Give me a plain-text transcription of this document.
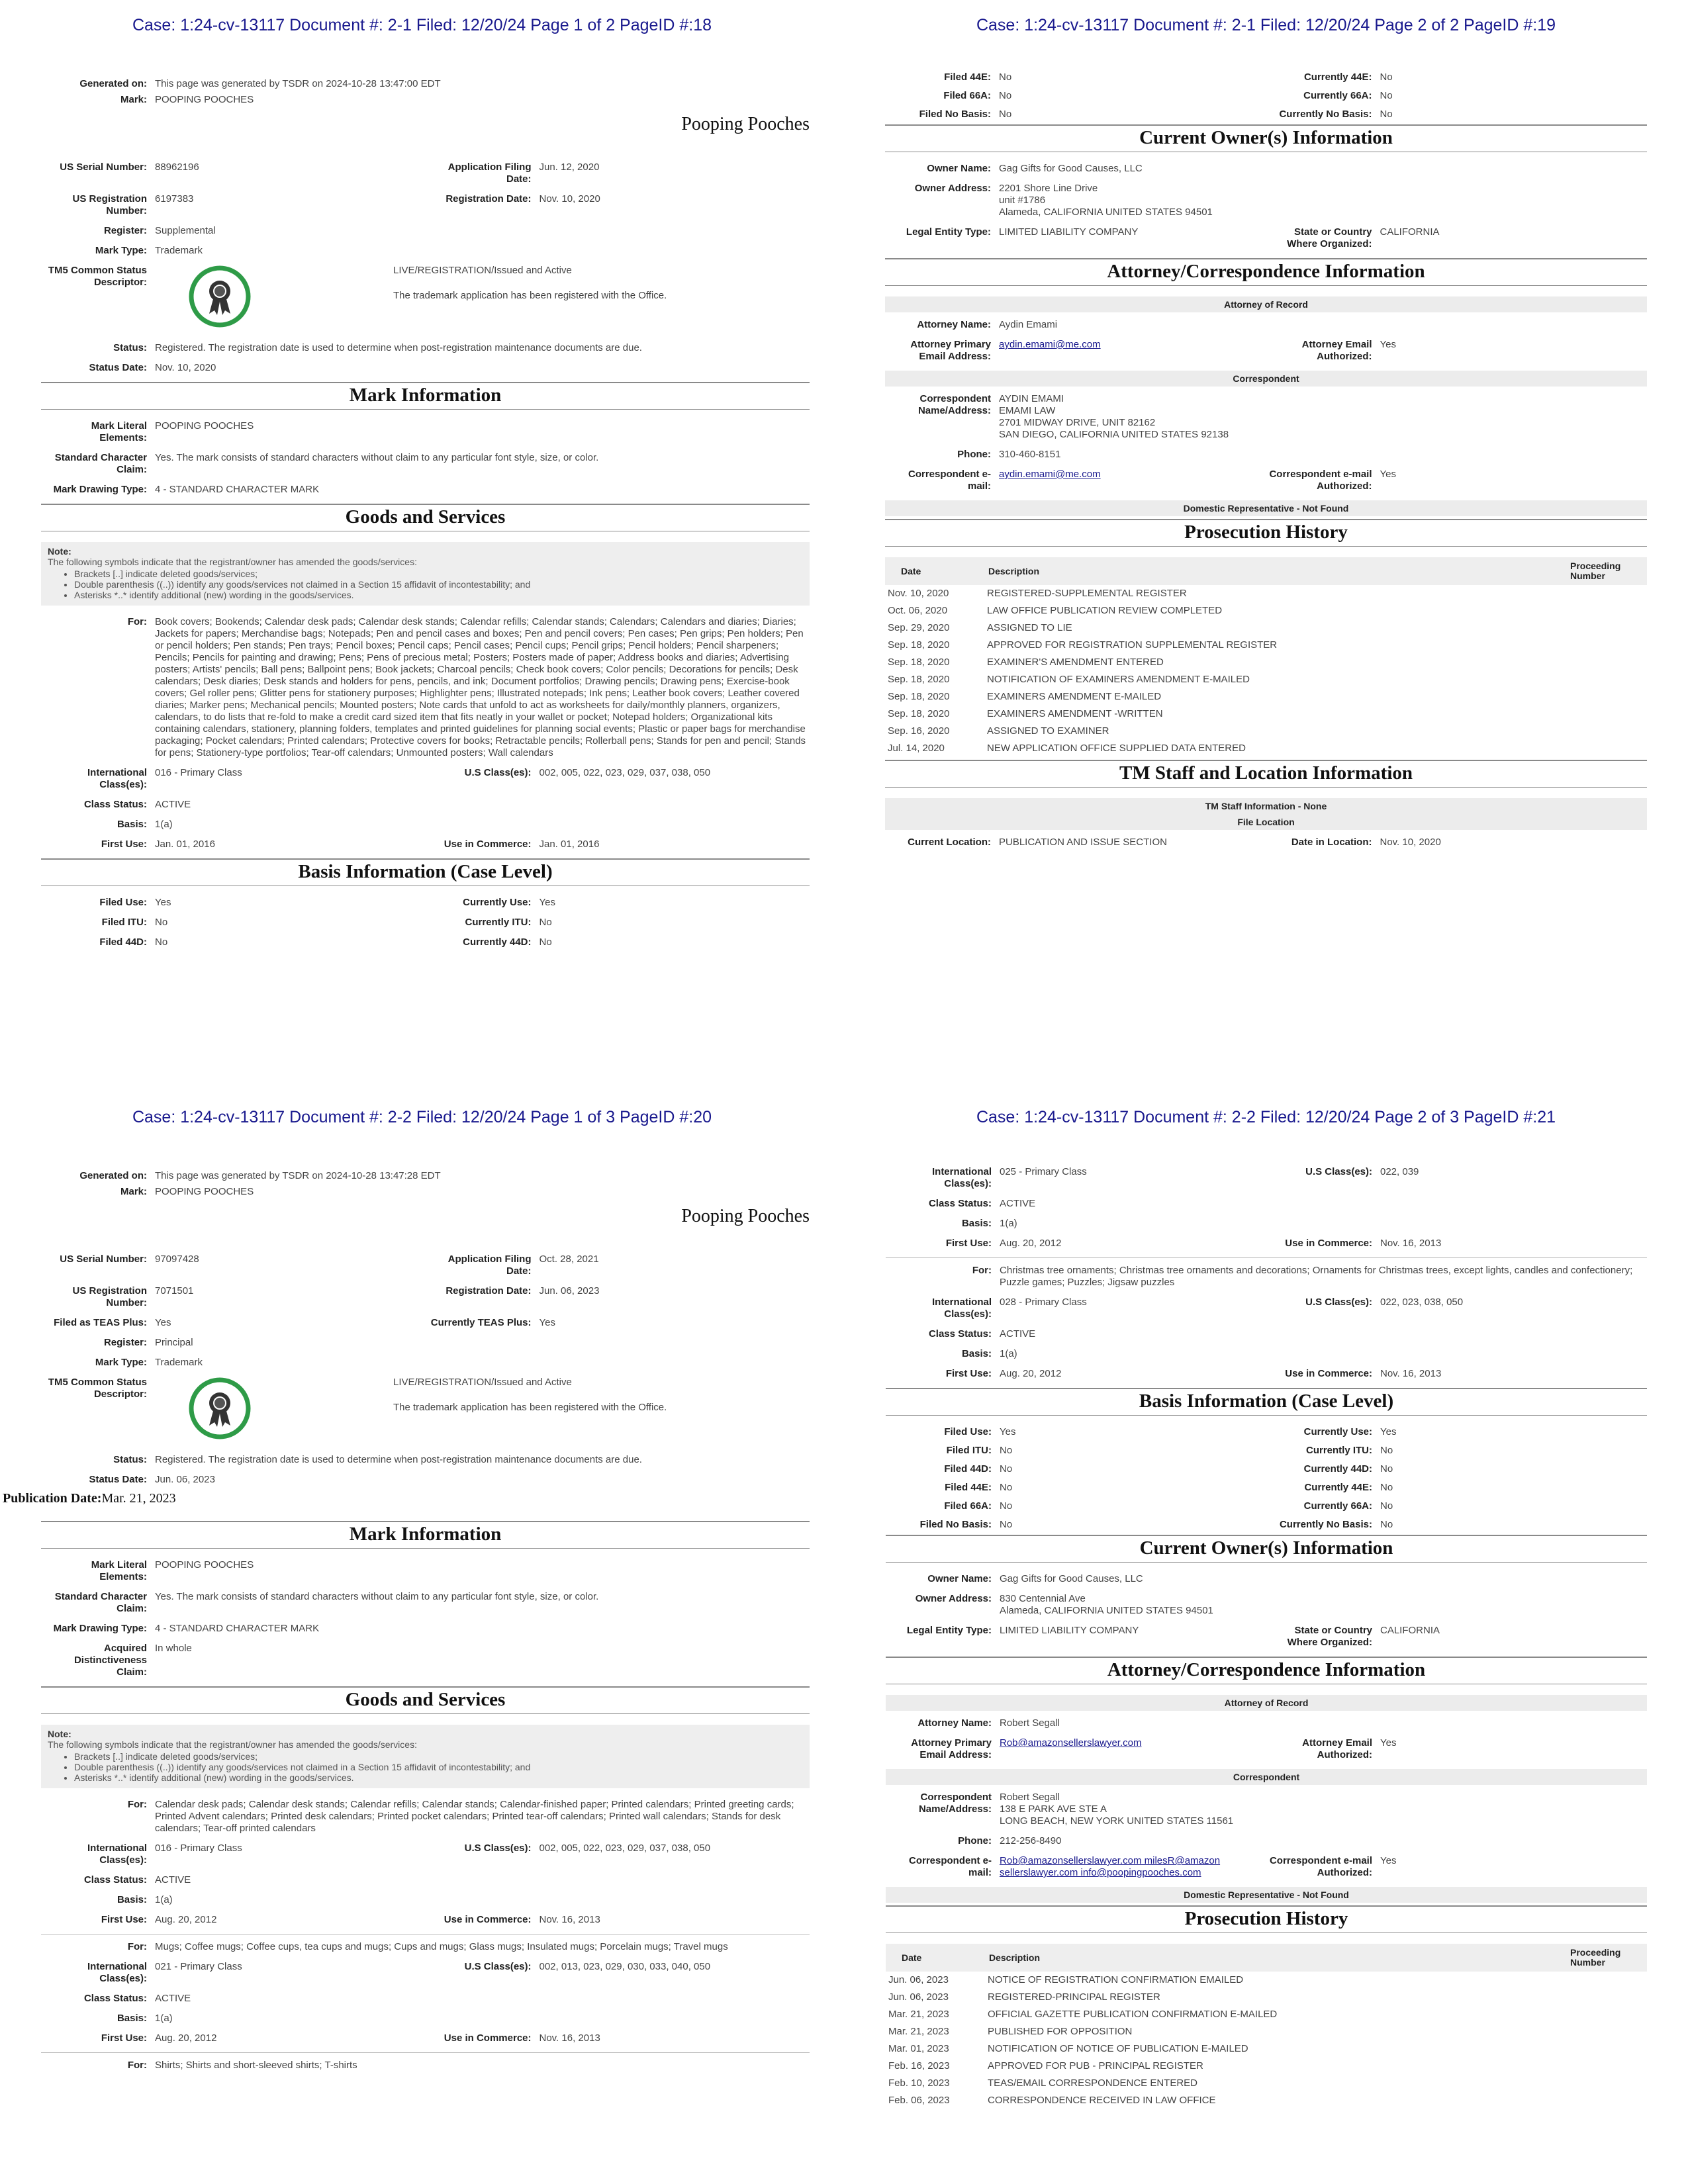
Case: 1:24-cv-13117 Document #: 2-1 Filed: 12/20/24 Page 1 of 2 PageID #:18
Generated on: This page was generated by TSDR on 2024-10-28 13:47:00 EDT
Mark: POOPING POOCHES
Pooping Pooches
US Serial Number: 88962196	Application Filing Date:
Jun. 12, 2020
US Registration Number:
6197383	Registration Date: Nov. 10, 2020
Register: Supplemental
Mark Type: Trademark
TM5 Common Status Descriptor:
LIVE/REGISTRATION/Issued and Active
The trademark application has been registered with the Office.
Status: Registered. The registration date is used to determine when post-registration maintenance documents are due.
Status Date: Nov. 10, 2020
Mark Information
Mark Literal Elements:
POOPING POOCHES
Standard Character Claim:
Yes. The mark consists of standard characters without claim to any particular font style, size, or color.
Mark Drawing Type: 4 - STANDARD CHARACTER MARK
Goods and Services
Note:
The following symbols indicate that the registrant/owner has amended the goods/services:
• Brackets [..] indicate deleted goods/services;
• Double parenthesis ((..)) identify any goods/services not claimed in a Section 15 affidavit of incontestability; and
• Asterisks *..* identify additional (new) wording in the goods/services.
For: Book covers; Bookends; Calendar desk pads; Calendar desk stands; Calendar refills; Calendar stands; Calendars; Calendars and diaries; Diaries; Jackets for papers; Merchandise bags; Notepads; Pen and pencil cases and boxes; Pen and pencil covers; Pen cases; Pen grips; Pen holders; Pen or pencil holders; Pen stands; Pen trays; Pencil boxes; Pencil caps; Pencil cases; Pencil cups; Pencil grips; Pencil holders; Pencil sharpeners; Pencils; Pencils for painting and drawing; Pens; Pens of precious metal; Posters; Posters made of paper; Address books and diaries; Advertising posters; Artists' pencils; Ball pens; Ballpoint pens; Book jackets; Charcoal pencils; Check book covers; Color pencils; Decorations for pencils; Desk calendars; Desk diaries; Desk stands and holders for pens, pencils, and ink; Document portfolios; Drawing pencils; Drawing pens; Exercise-book covers; Gel roller pens; Glitter pens for stationery purposes; Highlighter pens; Illustrated notepads; Ink pens; Leather book covers; Leather covered diaries; Marker pens; Mechanical pencils; Mounted posters; Note cards that unfold to act as worksheets for daily/monthly planners, organizers, calendars, to do lists that re-fold to make a credit card sized item that fits neatly in your wallet or pocket; Notepad holders; Organizational kits containing calendars, stationery, planning folders, templates and printed guidelines for planning social events; Plastic or paper bags for merchandise packaging; Pocket calendars; Printed calendars; Protective covers for books; Retractable pencils; Rollerball pens; Stands for pen and pencil; Stands for pens; Stationery-type portfolios; Tear-off calendars; Unmounted posters; Wall calendars
International Class(es):
016 - Primary Class	U.S Class(es): 002, 005, 022, 023, 029, 037, 038, 050
Class Status: ACTIVE
Basis: 1(a)
First Use: Jan. 01, 2016	Use in Commerce: Jan. 01, 2016
Basis Information (Case Level)
Filed Use: Yes	Currently Use: Yes
Filed ITU: No	Currently ITU: No
Filed 44D: No	Currently 44D: No
Case: 1:24-cv-13117 Document #: 2-1 Filed: 12/20/24 Page 2 of 2 PageID #:19
Filed 44E: No	Currently 44E: No
Filed 66A: No	Currently 66A: No
Filed No Basis: No	Currently No Basis: No
Current Owner(s) Information
Owner Name: Gag Gifts for Good Causes, LLC
Owner Address: 2201 Shore Line Drive
unit #1786
Alameda, CALIFORNIA UNITED STATES 94501
Legal Entity Type: LIMITED LIABILITY COMPANY	State or Country Where Organized:
CALIFORNIA
Attorney/Correspondence Information
Attorney of Record
Attorney Name: Aydin Emami
Attorney Primary Email Address:
aydin.emami@me.com	Attorney Email Authorized:
Yes
Correspondent
Correspondent Name/Address:
AYDIN EMAMI
EMAMI LAW
2701 MIDWAY DRIVE, UNIT 82162
SAN DIEGO, CALIFORNIA UNITED STATES 92138
Phone: 310-460-8151
Correspondent e-mail:
aydin.emami@me.com	Correspondent e-mail Authorized:
Yes
Domestic Representative - Not Found
Prosecution History
Date	Description	Proceeding Number
Nov. 10, 2020	REGISTERED-SUPPLEMENTAL REGISTER	
Oct. 06, 2020	LAW OFFICE PUBLICATION REVIEW COMPLETED	
Sep. 29, 2020	ASSIGNED TO LIE	
Sep. 18, 2020	APPROVED FOR REGISTRATION SUPPLEMENTAL REGISTER	
Sep. 18, 2020	EXAMINER'S AMENDMENT ENTERED	
Sep. 18, 2020	NOTIFICATION OF EXAMINERS AMENDMENT E-MAILED	
Sep. 18, 2020	EXAMINERS AMENDMENT E-MAILED	
Sep. 18, 2020	EXAMINERS AMENDMENT -WRITTEN	
Sep. 16, 2020	ASSIGNED TO EXAMINER	
Jul. 14, 2020	NEW APPLICATION OFFICE SUPPLIED DATA ENTERED	
TM Staff and Location Information
TM Staff Information - None
File Location
Current Location: PUBLICATION AND ISSUE SECTION	Date in Location: Nov. 10, 2020
Case: 1:24-cv-13117 Document #: 2-2 Filed: 12/20/24 Page 1 of 3 PageID #:20
Generated on: This page was generated by TSDR on 2024-10-28 13:47:28 EDT
Mark: POOPING POOCHES
Pooping Pooches
US Serial Number: 97097428	Application Filing Date:
Oct. 28, 2021
US Registration Number:
7071501	Registration Date: Jun. 06, 2023
Filed as TEAS Plus: Yes	Currently TEAS Plus: Yes
Register: Principal
Mark Type: Trademark
TM5 Common Status Descriptor:
LIVE/REGISTRATION/Issued and Active
The trademark application has been registered with the Office.
Status: Registered. The registration date is used to determine when post-registration maintenance documents are due.
Status Date: Jun. 06, 2023
Publication Date:Mar. 21, 2023
Mark Information
Mark Literal Elements:
POOPING POOCHES
Standard Character Claim:
Yes. The mark consists of standard characters without claim to any particular font style, size, or color.
Mark Drawing Type: 4 - STANDARD CHARACTER MARK
Acquired Distinctiveness Claim:
In whole
Goods and Services
Note:
The following symbols indicate that the registrant/owner has amended the goods/services:
• Brackets [..] indicate deleted goods/services;
• Double parenthesis ((..)) identify any goods/services not claimed in a Section 15 affidavit of incontestability; and
• Asterisks *..* identify additional (new) wording in the goods/services.
For: Calendar desk pads; Calendar desk stands; Calendar refills; Calendar stands; Calendar-finished paper; Printed calendars; Printed greeting cards; Printed Advent calendars; Printed desk calendars; Printed pocket calendars; Printed tear-off calendars; Printed wall calendars; Stands for desk calendars; Tear-off printed calendars
International Class(es):
016 - Primary Class	U.S Class(es): 002, 005, 022, 023, 029, 037, 038, 050
Class Status: ACTIVE
Basis: 1(a)
First Use: Aug. 20, 2012	Use in Commerce: Nov. 16, 2013
For: Mugs; Coffee mugs; Coffee cups, tea cups and mugs; Cups and mugs; Glass mugs; Insulated mugs; Porcelain mugs; Travel mugs
International Class(es):
021 - Primary Class	U.S Class(es): 002, 013, 023, 029, 030, 033, 040, 050
Class Status: ACTIVE
Basis: 1(a)
First Use: Aug. 20, 2012	Use in Commerce: Nov. 16, 2013
For: Shirts; Shirts and short-sleeved shirts; T-shirts
Case: 1:24-cv-13117 Document #: 2-2 Filed: 12/20/24 Page 2 of 3 PageID #:21
International Class(es):
025 - Primary Class	U.S Class(es): 022, 039
Class Status: ACTIVE
Basis: 1(a)
First Use: Aug. 20, 2012	Use in Commerce: Nov. 16, 2013
For: Christmas tree ornaments; Christmas tree ornaments and decorations; Ornaments for Christmas trees, except lights, candles and confectionery; Puzzle games; Puzzles; Jigsaw puzzles
International Class(es):
028 - Primary Class	U.S Class(es): 022, 023, 038, 050
Class Status: ACTIVE
Basis: 1(a)
First Use: Aug. 20, 2012	Use in Commerce: Nov. 16, 2013
Basis Information (Case Level)
Filed Use: Yes	Currently Use: Yes
Filed ITU: No	Currently ITU: No
Filed 44D: No	Currently 44D: No
Filed 44E: No	Currently 44E: No
Filed 66A: No	Currently 66A: No
Filed No Basis: No	Currently No Basis: No
Current Owner(s) Information
Owner Name: Gag Gifts for Good Causes, LLC
Owner Address: 830 Centennial Ave
Alameda, CALIFORNIA UNITED STATES 94501
Legal Entity Type: LIMITED LIABILITY COMPANY	State or Country Where Organized:
CALIFORNIA
Attorney/Correspondence Information
Attorney of Record
Attorney Name: Robert Segall
Attorney Primary Email Address:
Rob@amazonsellerslawyer.com	Attorney Email Authorized:
Yes
Correspondent
Correspondent Name/Address:
Robert Segall
138 E PARK AVE STE A
LONG BEACH, NEW YORK UNITED STATES 11561
Phone: 212-256-8490
Correspondent e-mail:
Rob@amazonsellerslawyer.com milesR@amazon
sellerslawyer.com info@poopingpooches.com
Correspondent e-mail Authorized:
Yes
Domestic Representative - Not Found
Prosecution History
Date	Description	Proceeding Number
Jun. 06, 2023	NOTICE OF REGISTRATION CONFIRMATION EMAILED	
Jun. 06, 2023	REGISTERED-PRINCIPAL REGISTER	
Mar. 21, 2023	OFFICIAL GAZETTE PUBLICATION CONFIRMATION E-MAILED	
Mar. 21, 2023	PUBLISHED FOR OPPOSITION	
Mar. 01, 2023	NOTIFICATION OF NOTICE OF PUBLICATION E-MAILED	
Feb. 16, 2023	APPROVED FOR PUB - PRINCIPAL REGISTER	
Feb. 10, 2023	TEAS/EMAIL CORRESPONDENCE ENTERED	
Feb. 06, 2023	CORRESPONDENCE RECEIVED IN LAW OFFICE	
